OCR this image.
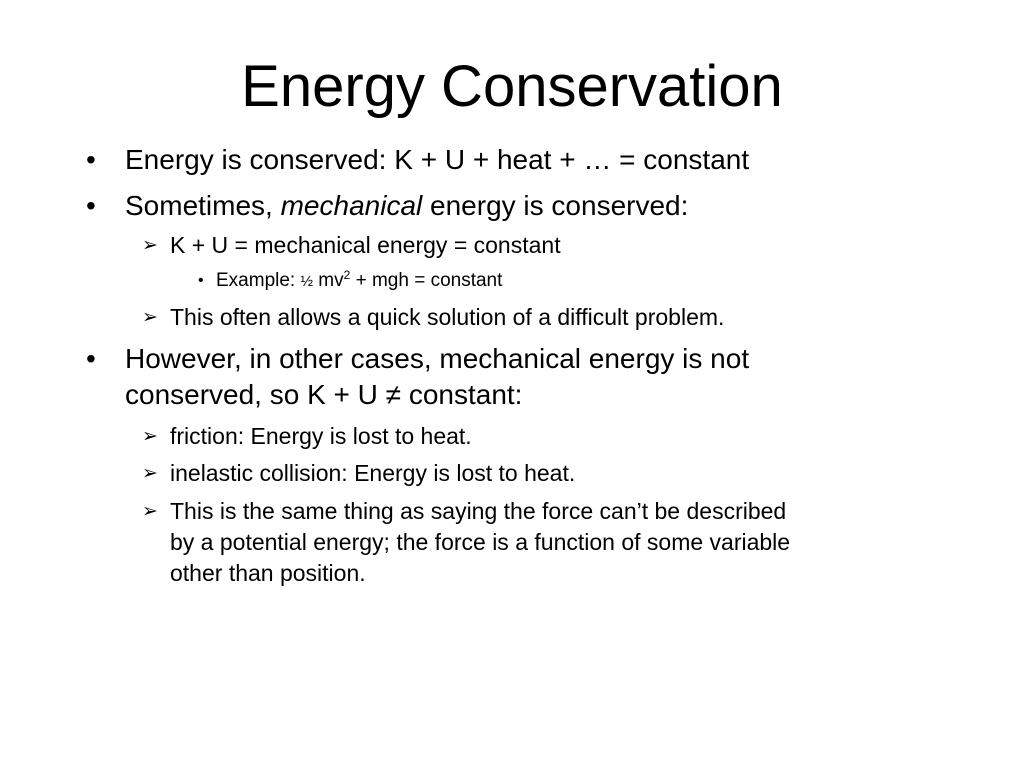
Energy Conservation
• Energy is conserved: K + U + heat + … = constant
• Sometimes, mechanical energy is conserved:
➢ K + U = mechanical energy = constant
• Example: ½ $mv^2$ + mgh = constant
➢ This often allows a quick solution of a difficult problem.
• However, in other cases, mechanical energy is not
conserved, so K + U ≠ constant:
➢ friction: Energy is lost to heat.
➢ inelastic collision: Energy is lost to heat.
➢ This is the same thing as saying the force can’t be described
by a potential energy; the force is a function of some variable
other than position.
